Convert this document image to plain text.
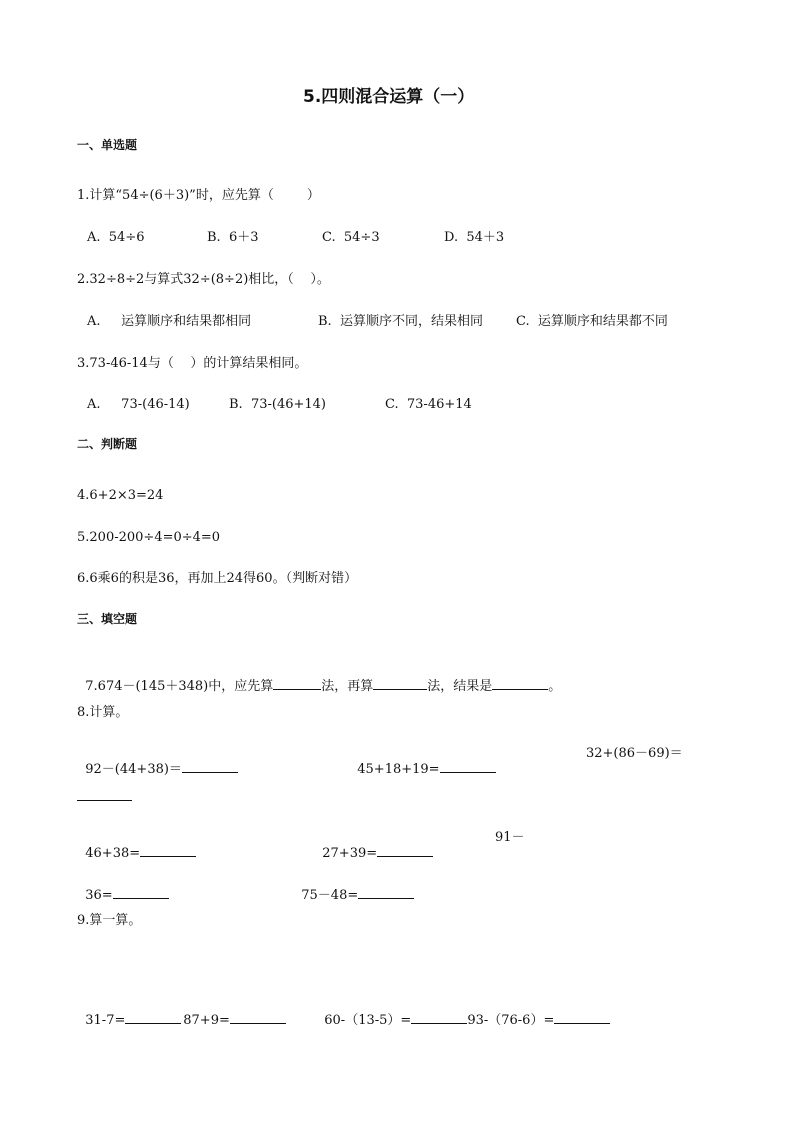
5.四则混合运算（一）
一、单选题
1.计算“54÷(6＋3)”时，应先算（        ）
A.  54÷6	B.  6＋3	C.  54÷3	D.  54＋3
2.32÷8÷2与算式32÷(8÷2)相比，（    ）。
A.     运算顺序和结果都相同	B.  运算顺序不同，结果相同	C.  运算顺序和结果都不同
3.73-46-14与（    ）的计算结果相同。
A.     73-(46-14)	B.  73-(46+14)	C.  73-46+14
二、判断题
4.6+2×3=24
5.200-200÷4=0÷4=0
6.6乘6的积是36，再加上24得60。（判断对错）
三、填空题

7.674－(145＋348)中，应先算	法，再算	法，结果是	。

8.计算。

92－(44+38)＝	45+18+19=

32+(86－69)＝

46+38=	27+39=

91－

36=	75－48=

9.算一算。

31-7=	87+9=	60-（13-5）=	93-（76-6）=
